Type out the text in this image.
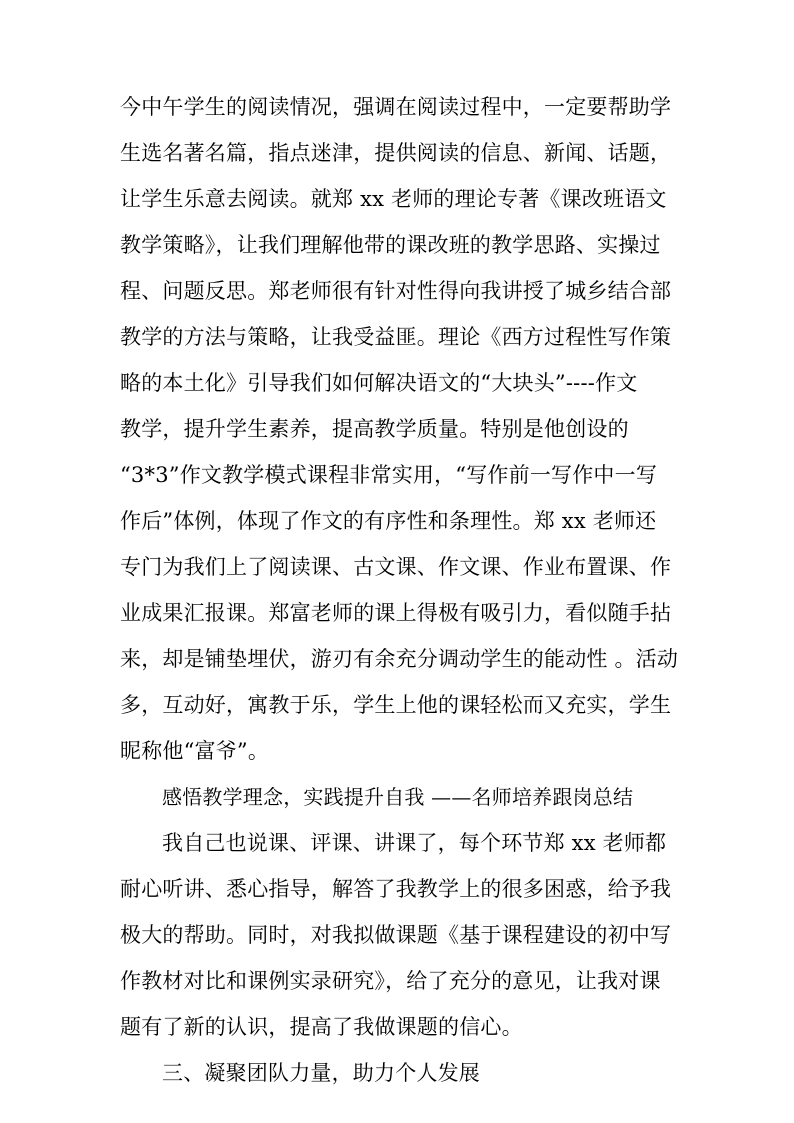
今中午学生的阅读情况，强调在阅读过程中，一定要帮助学
生选名著名篇，指点迷津，提供阅读的信息、新闻、话题，
让学生乐意去阅读。就郑 xx 老师的理论专著《课改班语文
教学策略》，让我们理解他带的课改班的教学思路、实操过
程、问题反思。郑老师很有针对性得向我讲授了城乡结合部
教学的方法与策略，让我受益匪。理论《西方过程性写作策
略的本土化》引导我们如何解决语文的“大块头”----作文
教学，提升学生素养，提高教学质量。特别是他创设的
“3*3”作文教学模式课程非常实用，“写作前一写作中一写
作后”体例，体现了作文的有序性和条理性。郑 xx 老师还
专门为我们上了阅读课、古文课、作文课、作业布置课、作
业成果汇报课。郑富老师的课上得极有吸引力，看似随手拈
来，却是铺垫埋伏，游刃有余充分调动学生的能动性 。活动
多，互动好，寓教于乐，学生上他的课轻松而又充实，学生
昵称他“富爷”。
感悟教学理念，实践提升自我 ——名师培养跟岗总结
我自己也说课、评课、讲课了，每个环节郑 xx 老师都
耐心听讲、悉心指导，解答了我教学上的很多困惑，给予我
极大的帮助。同时，对我拟做课题《基于课程建设的初中写
作教材对比和课例实录研究》，给了充分的意见，让我对课
题有了新的认识，提高了我做课题的信心。
三、凝聚团队力量，助力个人发展
